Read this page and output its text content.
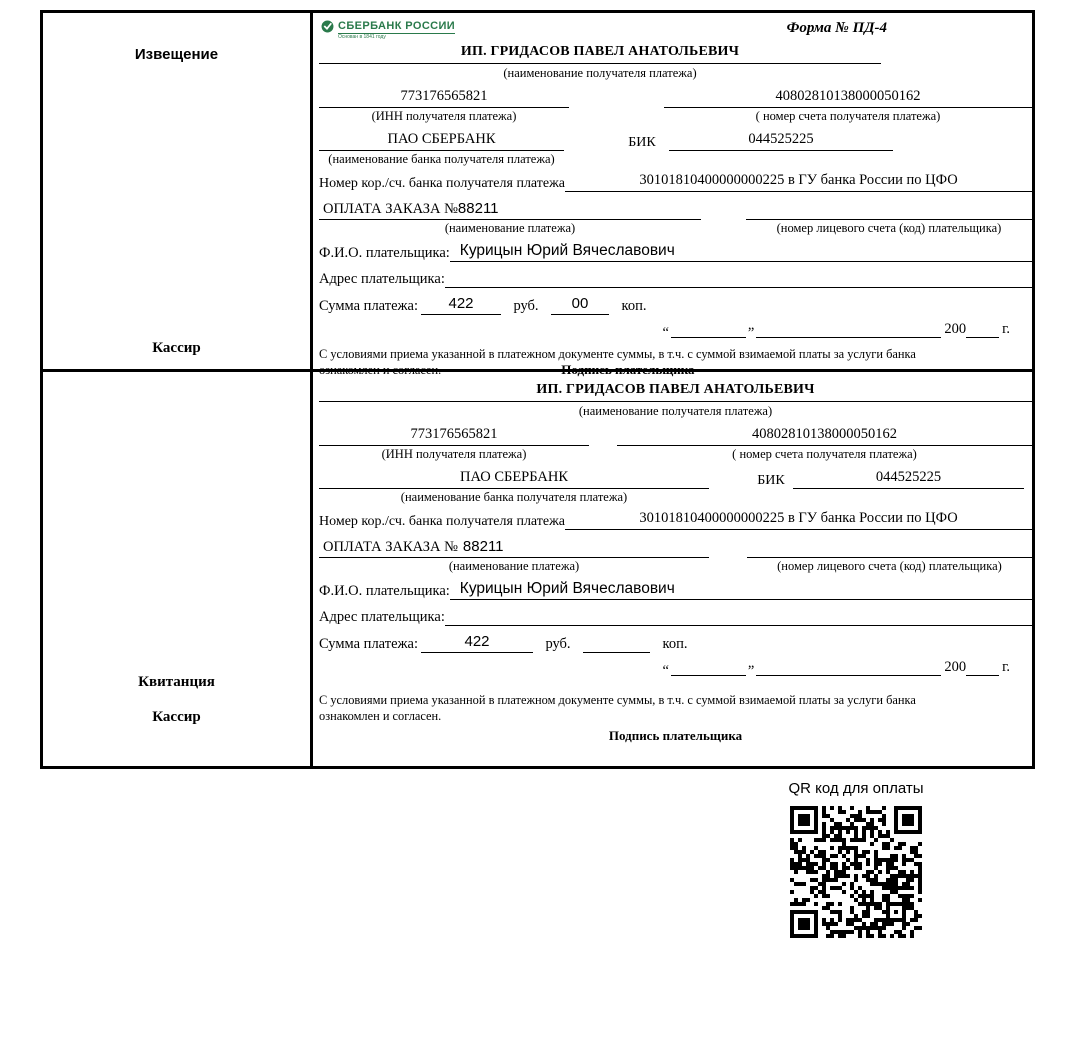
Извещение
Кассир
СБЕРБАНК РОССИИ
Основан в 1841 году
Форма № ПД-4
ИП. ГРИДАСОВ ПАВЕЛ АНАТОЛЬЕВИЧ
(наименование получателя платежа)
773176565821	40802810138000050162
(ИНН получателя платежа)	( номер счета получателя платежа)
ПАО СБЕРБАНК	БИК	044525225
(наименование банка получателя платежа)
Номер кор./сч. банка получателя платежа	30101810400000000225 в ГУ банка России по ЦФО
ОПЛАТА ЗАКАЗА №88211
(наименование платежа)	(номер лицевого счета (код) плательщика)
Ф.И.О. плательщика: Курицын Юрий Вячеславович
Адрес плательщика:
Сумма платежа:	422	руб.	00	коп.
“	”	200 г.
С условиями приема указанной в платежном документе суммы, в т.ч. с суммой взимаемой платы за услуги банка
ознакомлен и согласен.	Подпись плательщика
Квитанция
Кассир
ИП. ГРИДАСОВ ПАВЕЛ АНАТОЛЬЕВИЧ
(наименование получателя платежа)
773176565821	40802810138000050162
(ИНН получателя платежа)	( номер счета получателя платежа)
ПАО СБЕРБАНК	БИК	044525225
(наименование банка получателя платежа)
Номер кор./сч. банка получателя платежа	30101810400000000225 в ГУ банка России по ЦФО
ОПЛАТА ЗАКАЗА № 88211
(наименование платежа)	(номер лицевого счета (код) плательщика)
Ф.И.О. плательщика: Курицын Юрий Вячеславович
Адрес плательщика:
Сумма платежа:	422	руб.	коп.
“	”	200 г.
С условиями приема указанной в платежном документе суммы, в т.ч. с суммой взимаемой платы за услуги банка
ознакомлен и согласен.
Подпись плательщика
QR код для оплаты
